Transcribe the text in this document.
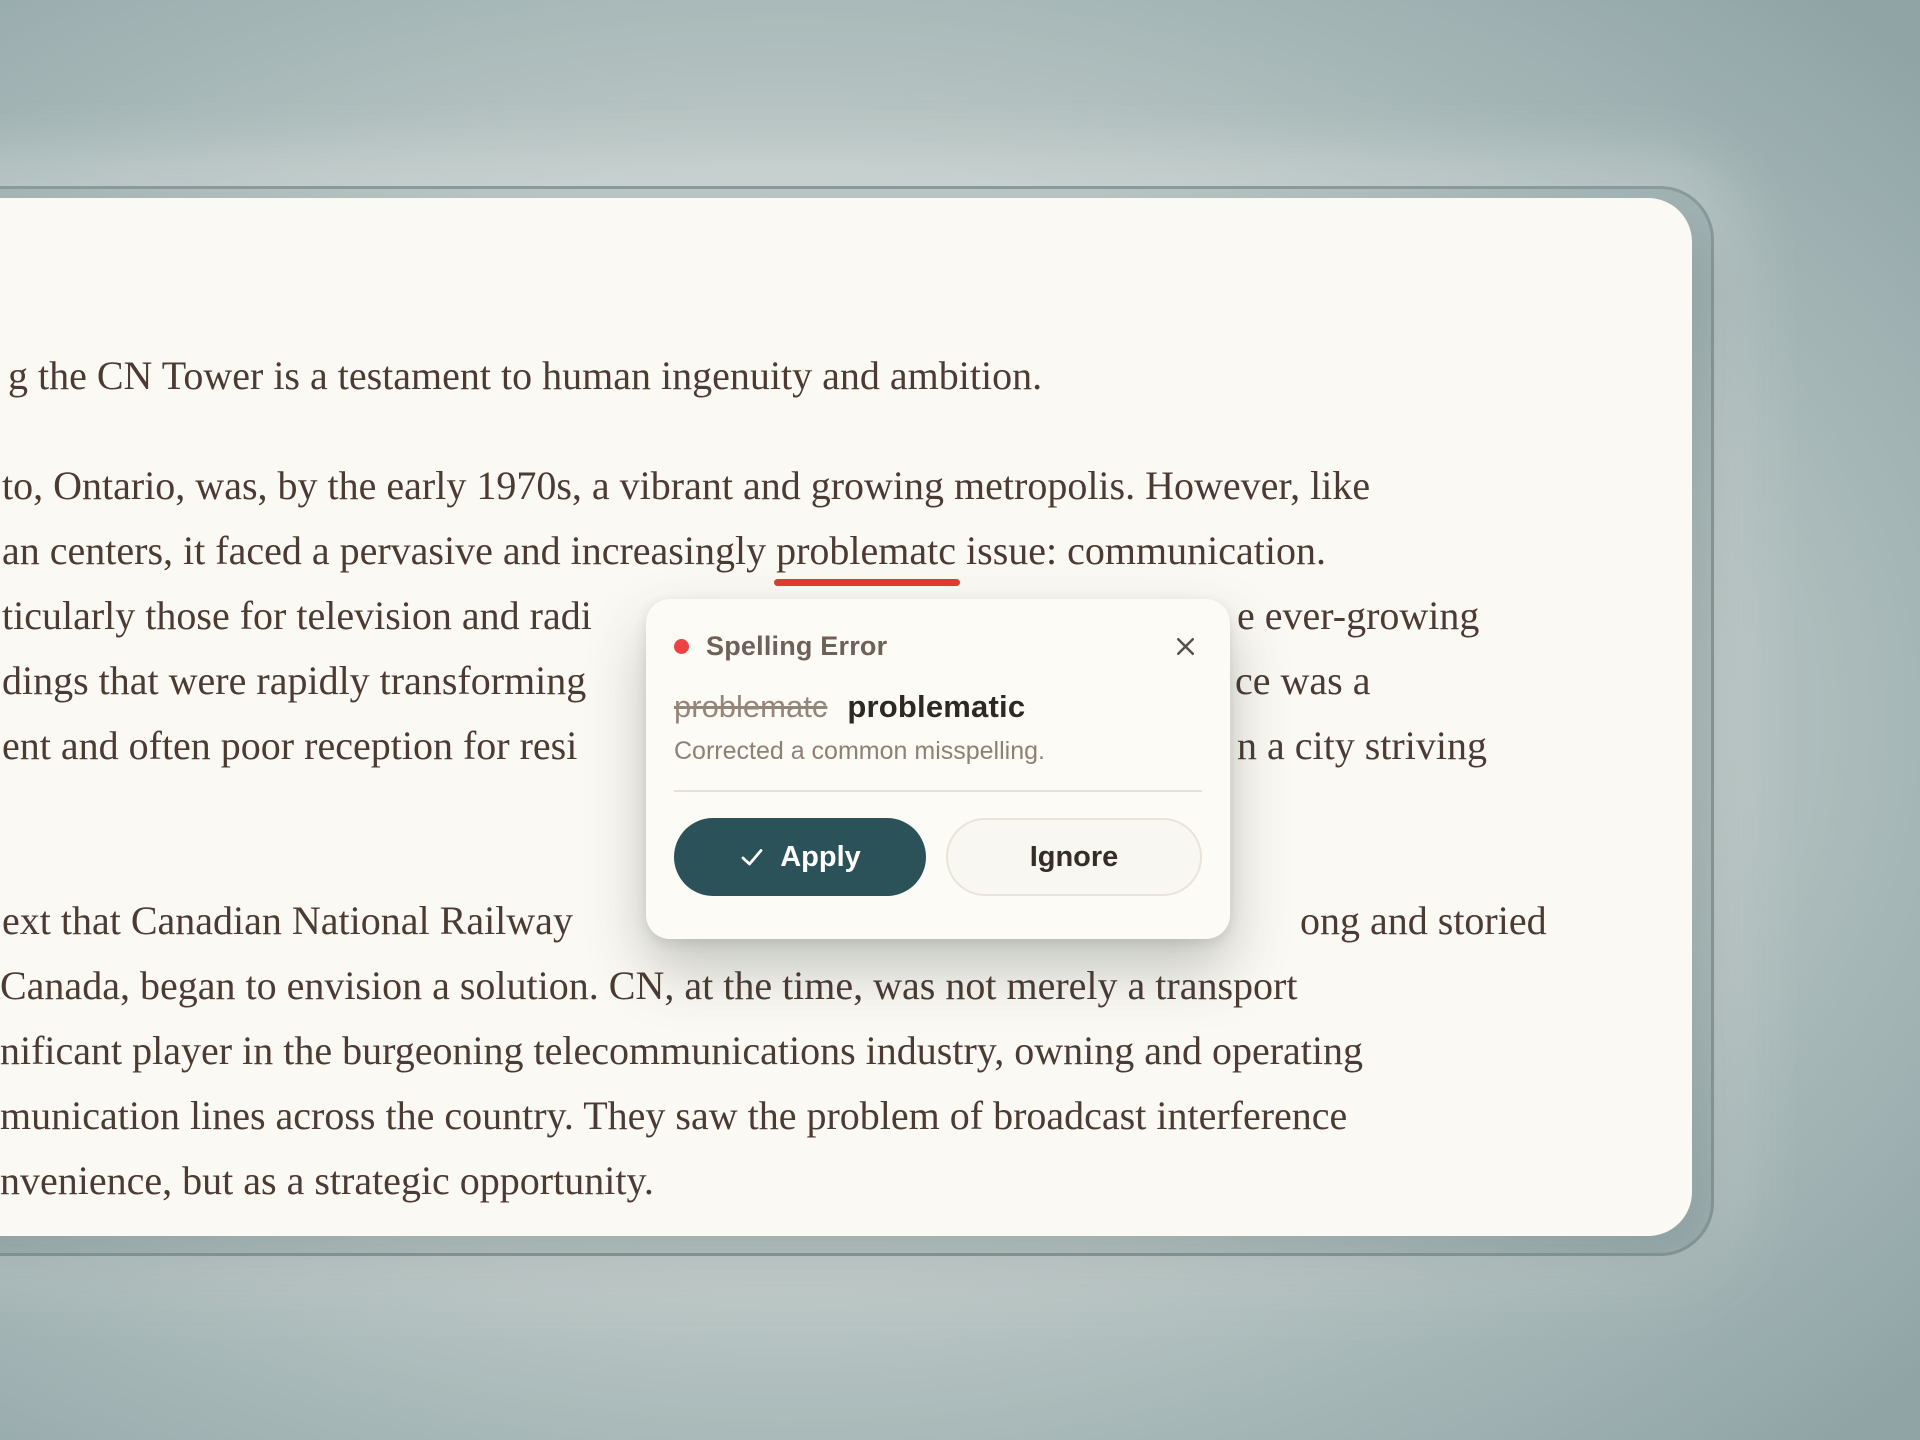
g the CN Tower is a testament to human ingenuity and ambition.
to, Ontario, was, by the early 1970s, a vibrant and growing metropolis. However, like
an centers, it faced a pervasive and increasingly problematc issue: communication.
ticularly those for television and radi	e ever-growing
dings that were rapidly transforming	ce was a
ent and often poor reception for resi	n a city striving
ext that Canadian National Railway	ong and storied
Canada, began to envision a solution. CN, at the time, was not merely a transport
nificant player in the burgeoning telecommunications industry, owning and operating
munication lines across the country. They saw the problem of broadcast interference
nvenience, but as a strategic opportunity.
Spelling Error
problematc problematic
Corrected a common misspelling.
Apply	Ignore
